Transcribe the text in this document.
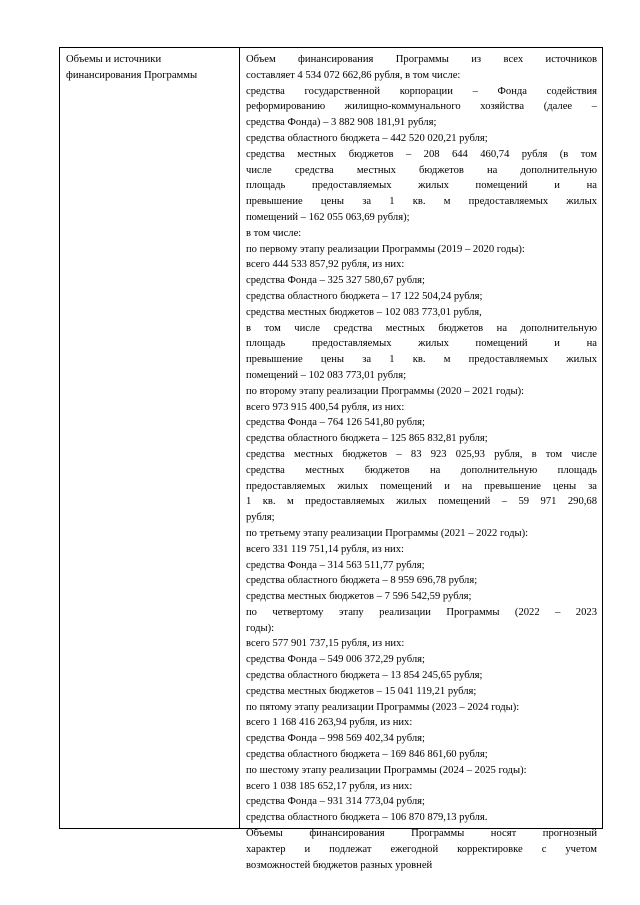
Объемы и источники
финансирования Программы
Объем финансирования Программы из всех источников
составляет 4 534 072 662,86 рубля, в том числе:
средства государственной корпорации – Фонда содействия
реформированию жилищно-коммунального хозяйства (далее –
средства Фонда) – 3 882 908 181,91 рубля;
средства областного бюджета – 442 520 020,21 рубля;
средства местных бюджетов – 208 644 460,74 рубля (в том
числе средства местных бюджетов на дополнительную
площадь предоставляемых жилых помещений и на
превышение цены за 1 кв. м предоставляемых жилых
помещений – 162 055 063,69 рубля);
в том числе:
по первому этапу реализации Программы (2019 – 2020 годы):
всего 444 533 857,92 рубля, из них:
средства Фонда – 325 327 580,67 рубля;
средства областного бюджета – 17 122 504,24 рубля;
средства местных бюджетов – 102 083 773,01 рубля,
в том числе средства местных бюджетов на дополнительную
площадь предоставляемых жилых помещений и на
превышение цены за 1 кв. м предоставляемых жилых
помещений – 102 083 773,01 рубля;
по второму этапу реализации Программы (2020 – 2021 годы):
всего 973 915 400,54 рубля, из них:
средства Фонда – 764 126 541,80 рубля;
средства областного бюджета – 125 865 832,81 рубля;
средства местных бюджетов – 83 923 025,93 рубля, в том числе
средства местных бюджетов на дополнительную площадь
предоставляемых жилых помещений и на превышение цены за
1 кв. м предоставляемых жилых помещений – 59 971 290,68
рубля;
по третьему этапу реализации Программы (2021 – 2022 годы):
всего 331 119 751,14 рубля, из них:
средства Фонда – 314 563 511,77 рубля;
средства областного бюджета – 8 959 696,78 рубля;
средства местных бюджетов – 7 596 542,59 рубля;
по четвертому этапу реализации Программы (2022 – 2023
годы):
всего 577 901 737,15 рубля, из них:
средства Фонда – 549 006 372,29 рубля;
средства областного бюджета – 13 854 245,65 рубля;
средства местных бюджетов – 15 041 119,21 рубля;
по пятому этапу реализации Программы (2023 – 2024 годы):
всего 1 168 416 263,94 рубля, из них:
средства Фонда – 998 569 402,34 рубля;
средства областного бюджета – 169 846 861,60 рубля;
по шестому этапу реализации Программы (2024 – 2025 годы):
всего 1 038 185 652,17 рубля, из них:
средства Фонда – 931 314 773,04 рубля;
средства областного бюджета – 106 870 879,13 рубля.
Объемы финансирования Программы носят прогнозный
характер и подлежат ежегодной корректировке с учетом
возможностей бюджетов разных уровней
